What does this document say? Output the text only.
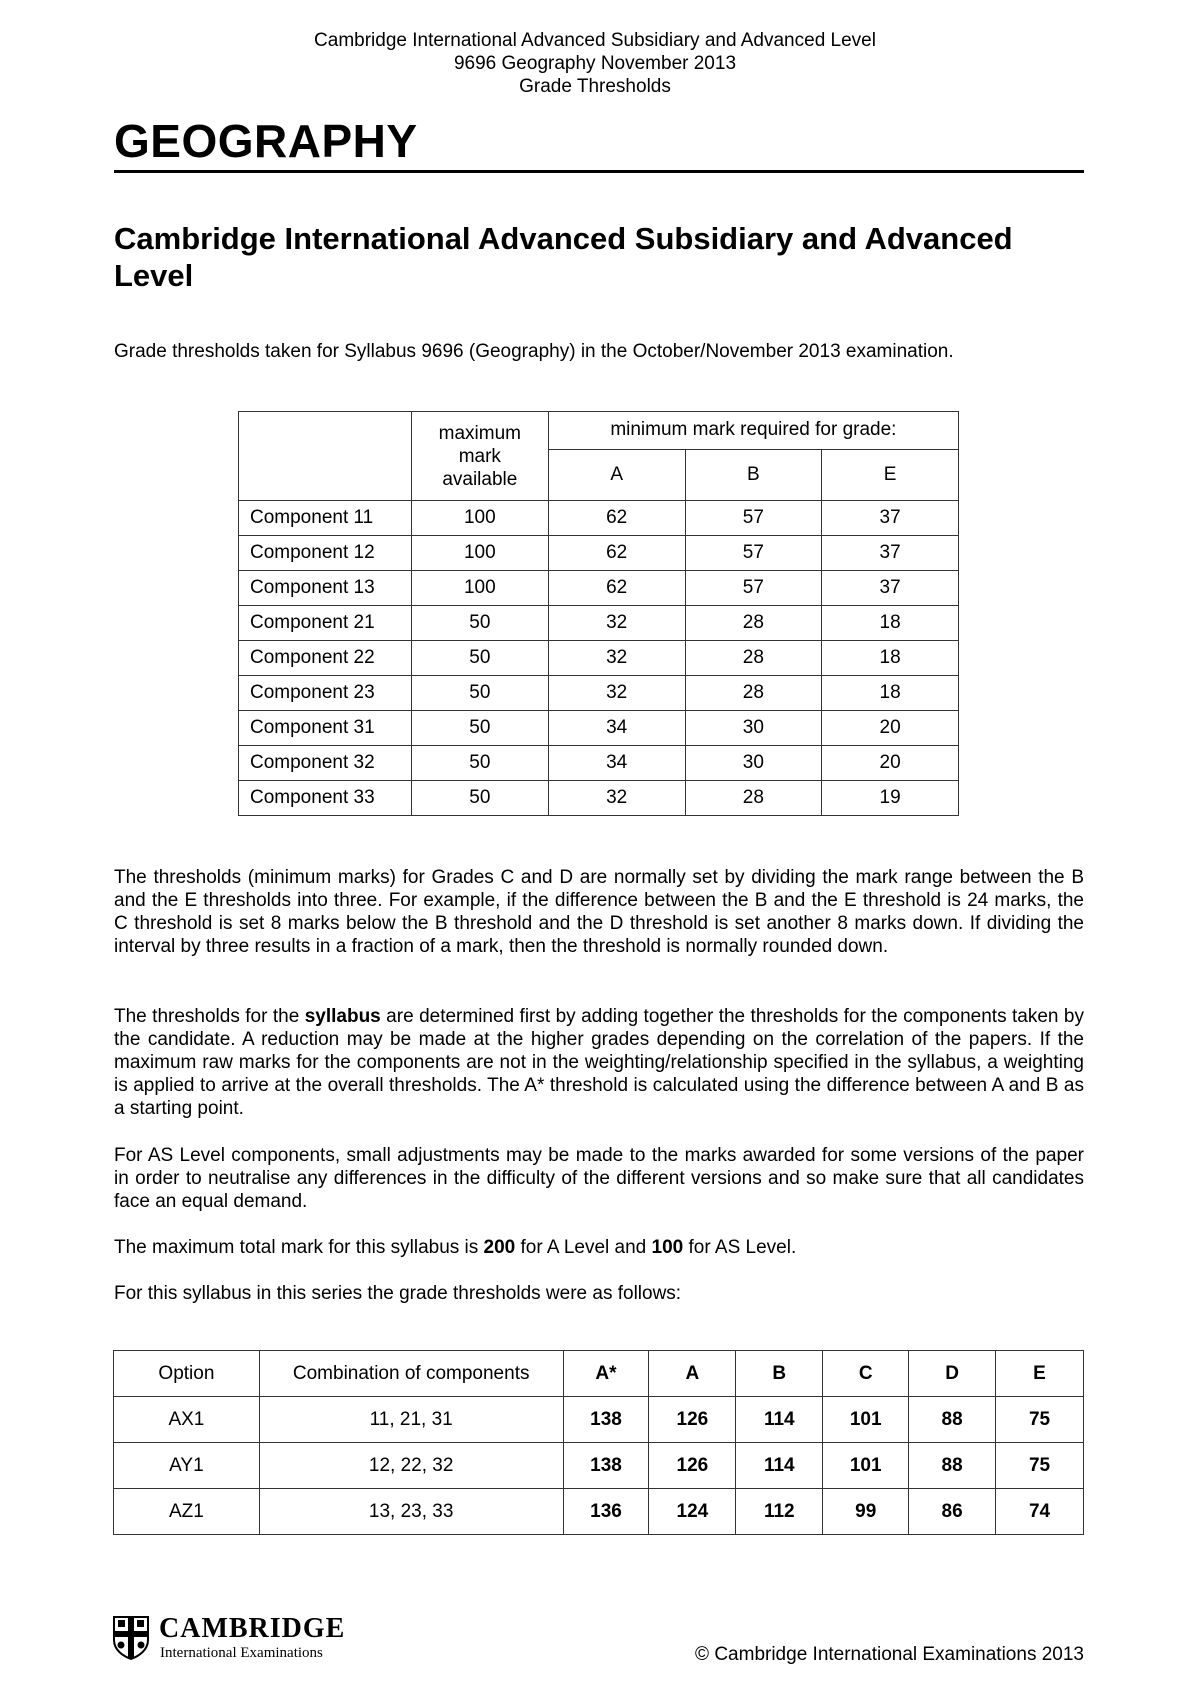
Cambridge International Advanced Subsidiary and Advanced Level
9696 Geography November 2013
Grade Thresholds
GEOGRAPHY
Cambridge International Advanced Subsidiary and Advanced Level
Grade thresholds taken for Syllabus 9696 (Geography) in the October/November 2013 examination.
	maximum mark available	minimum mark required for grade:		
		A	B	E
Component 11	100	62	57	37
Component 12	100	62	57	37
Component 13	100	62	57	37
Component 21	50	32	28	18
Component 22	50	32	28	18
Component 23	50	32	28	18
Component 31	50	34	30	20
Component 32	50	34	30	20
Component 33	50	32	28	19
The thresholds (minimum marks) for Grades C and D are normally set by dividing the mark range between the B and the E thresholds into three. For example, if the difference between the B and the E threshold is 24 marks, the C threshold is set 8 marks below the B threshold and the D threshold is set another 8 marks down. If dividing the interval by three results in a fraction of a mark, then the threshold is normally rounded down.
The thresholds for the syllabus are determined first by adding together the thresholds for the components taken by the candidate. A reduction may be made at the higher grades depending on the correlation of the papers. If the maximum raw marks for the components are not in the weighting/relationship specified in the syllabus, a weighting is applied to arrive at the overall thresholds. The A* threshold is calculated using the difference between A and B as a starting point.
For AS Level components, small adjustments may be made to the marks awarded for some versions of the paper in order to neutralise any differences in the difficulty of the different versions and so make sure that all candidates face an equal demand.
The maximum total mark for this syllabus is 200 for A Level and 100 for AS Level.
For this syllabus in this series the grade thresholds were as follows:
Option	Combination of components	A*	A	B	C	D	E
AX1	11, 21, 31	138	126	114	101	88	75
AY1	12, 22, 32	138	126	114	101	88	75
AZ1	13, 23, 33	136	124	112	99	86	74
CAMBRIDGE
International Examinations	© Cambridge International Examinations 2013
